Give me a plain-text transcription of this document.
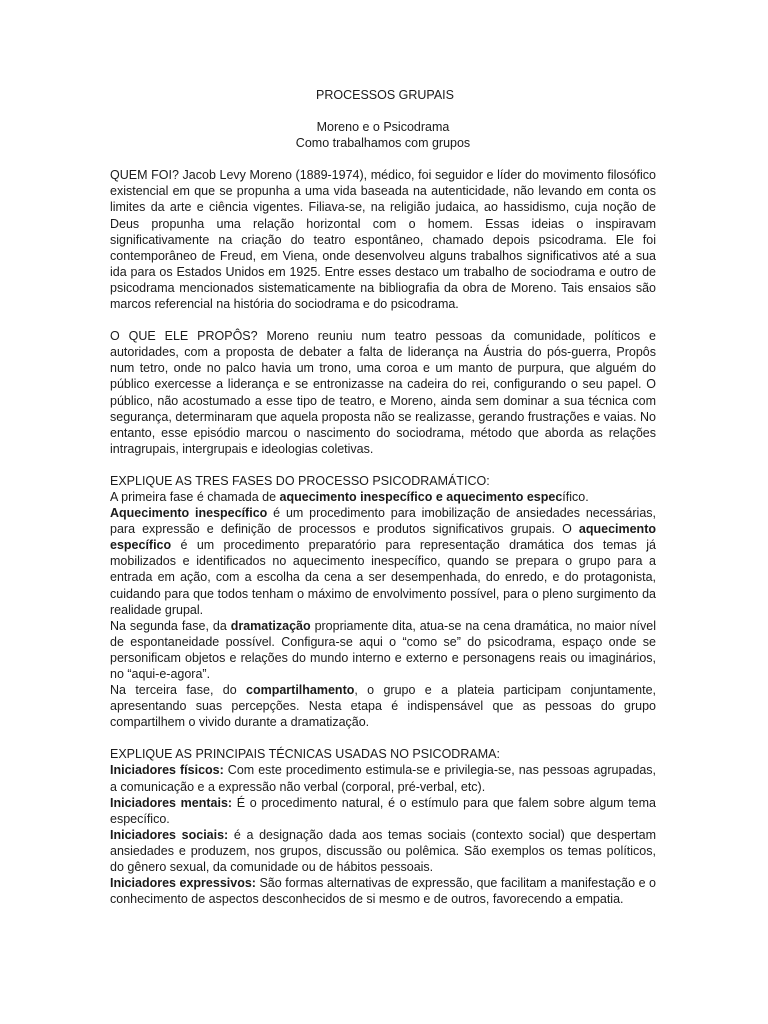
PROCESSOS GRUPAIS
Moreno e o Psicodrama
Como trabalhamos com grupos

QUEM FOI? Jacob Levy Moreno (1889-1974), médico, foi seguidor e líder do movimento filosófico existencial em que se propunha a uma vida baseada na autenticidade, não levando em conta os limites da arte e ciência vigentes. Filiava-se, na religião judaica, ao hassidismo, cuja noção de Deus propunha uma relação horizontal com o homem. Essas ideias o inspiravam significativamente na criação do teatro espontâneo, chamado depois psicodrama. Ele foi contemporâneo de Freud, em Viena, onde desenvolveu alguns trabalhos significativos até a sua ida para os Estados Unidos em 1925. Entre esses destaco um trabalho de sociodrama e outro de psicodrama mencionados sistematicamente na bibliografia da obra de Moreno. Tais ensaios são marcos referencial na história do sociodrama e do psicodrama.

O QUE ELE PROPÔS? Moreno reuniu num teatro pessoas da comunidade, políticos e autoridades, com a proposta de debater a falta de liderança na Áustria do pós-guerra, Propôs num tetro, onde no palco havia um trono, uma coroa e um manto de purpura, que alguém do público exercesse a liderança e se entronizasse na cadeira do rei, configurando o seu papel. O público, não acostumado a esse tipo de teatro, e Moreno, ainda sem dominar a sua técnica com segurança, determinaram que aquela proposta não se realizasse, gerando frustrações e vaias. No entanto, esse episódio marcou o nascimento do sociodrama, método que aborda as relações intragrupais, intergrupais e ideologias coletivas.

EXPLIQUE AS TRES FASES DO PROCESSO PSICODRAMÁTICO:

A primeira fase é chamada de aquecimento inespecífico e aquecimento específico.

Aquecimento inespecífico é um procedimento para imobilização de ansiedades necessárias, para expressão e definição de processos e produtos significativos grupais. O aquecimento específico é um procedimento preparatório para representação dramática dos temas já mobilizados e identificados no aquecimento inespecífico, quando se prepara o grupo para a entrada em ação, com a escolha da cena a ser desempenhada, do enredo, e do protagonista, cuidando para que todos tenham o máximo de envolvimento possível, para o pleno surgimento da realidade grupal.

Na segunda fase, da dramatização propriamente dita, atua-se na cena dramática, no maior nível de espontaneidade possível. Configura-se aqui o “como se” do psicodrama, espaço onde se personificam objetos e relações do mundo interno e externo e personagens reais ou imaginários, no “aqui-e-agora”.

Na terceira fase, do compartilhamento, o grupo e a plateia participam conjuntamente, apresentando suas percepções. Nesta etapa é indispensável que as pessoas do grupo compartilhem o vivido durante a dramatização.

EXPLIQUE AS PRINCIPAIS TÉCNICAS USADAS NO PSICODRAMA:

Iniciadores físicos: Com este procedimento estimula-se e privilegia-se, nas pessoas agrupadas, a comunicação e a expressão não verbal (corporal, pré-verbal, etc).

Iniciadores mentais: É o procedimento natural, é o estímulo para que falem sobre algum tema específico.

Iniciadores sociais: é a designação dada aos temas sociais (contexto social) que despertam ansiedades e produzem, nos grupos, discussão ou polêmica. São exemplos os temas políticos, do gênero sexual, da comunidade ou de hábitos pessoais.

Iniciadores expressivos: São formas alternativas de expressão, que facilitam a manifestação e o conhecimento de aspectos desconhecidos de si mesmo e de outros, favorecendo a empatia.
